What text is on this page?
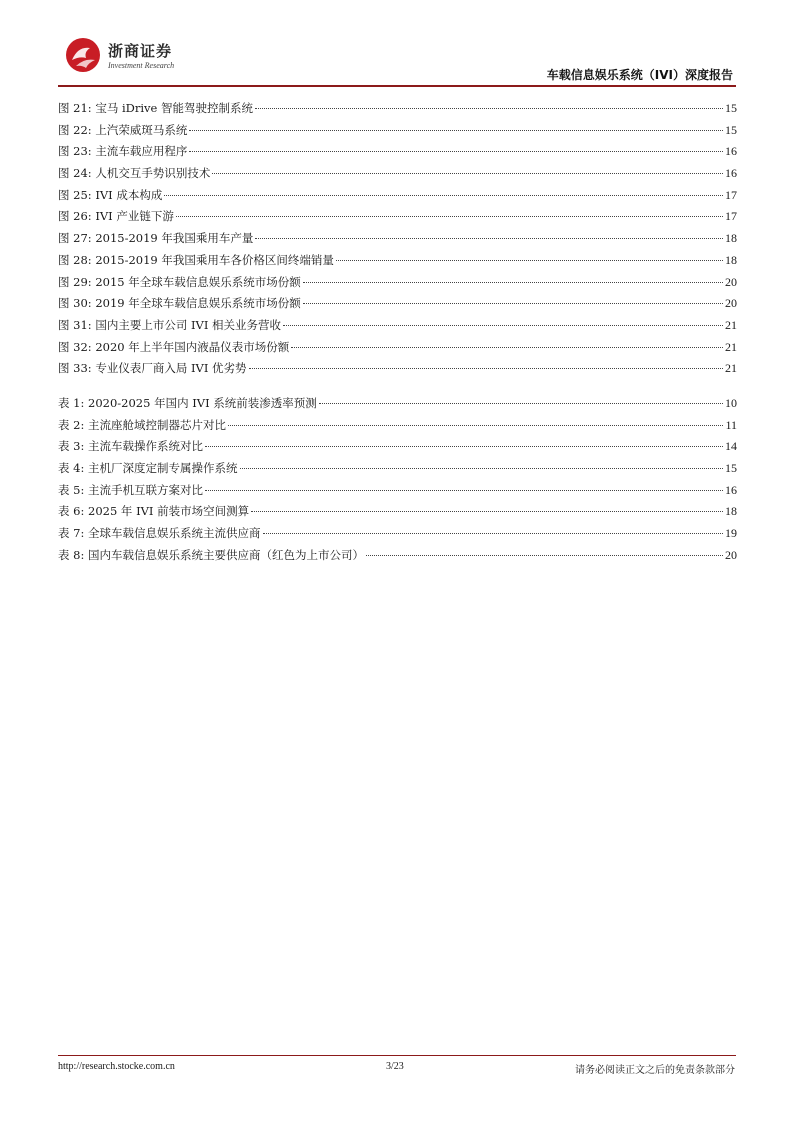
浙商证券
Investment Research
车载信息娱乐系统（IVI）深度报告
图 21: 宝马 iDrive 智能驾驶控制系统	15
图 22: 上汽荣威斑马系统	15
图 23: 主流车载应用程序	16
图 24: 人机交互手势识别技术	16
图 25: IVI 成本构成	17
图 26: IVI 产业链下游	17
图 27: 2015-2019 年我国乘用车产量	18
图 28: 2015-2019 年我国乘用车各价格区间终端销量	18
图 29: 2015 年全球车载信息娱乐系统市场份额	20
图 30: 2019 年全球车载信息娱乐系统市场份额	20
图 31: 国内主要上市公司 IVI 相关业务营收	21
图 32: 2020 年上半年国内液晶仪表市场份额	21
图 33: 专业仪表厂商入局 IVI 优劣势	21
表 1: 2020-2025 年国内 IVI 系统前装渗透率预测	10
表 2: 主流座舱域控制器芯片对比	11
表 3: 主流车载操作系统对比	14
表 4: 主机厂深度定制专属操作系统	15
表 5: 主流手机互联方案对比	16
表 6: 2025 年 IVI 前装市场空间测算	18
表 7: 全球车载信息娱乐系统主流供应商	19
表 8: 国内车载信息娱乐系统主要供应商（红色为上市公司）	20
http://research.stocke.com.cn	3/23	请务必阅读正文之后的免责条款部分
